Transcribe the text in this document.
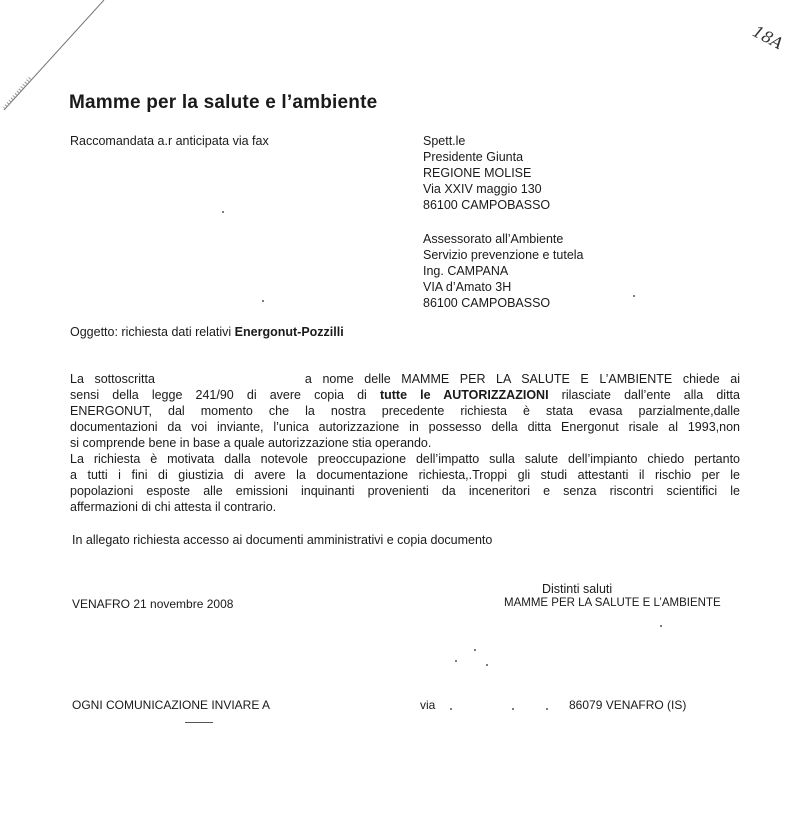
18A
Mamme per la salute e l’ambiente
Raccomandata a.r anticipata via fax	Spett.le
Presidente Giunta
REGIONE MOLISE
Via XXIV maggio 130
86100 CAMPOBASSO
Assessorato all’Ambiente
Servizio prevenzione e tutela
Ing. CAMPANA
VIA d’Amato 3H
86100 CAMPOBASSO
Oggetto: richiesta dati relativi Energonut-Pozzilli
La sottoscritta	a nome delle MAMME PER LA SALUTE E L’AMBIENTE chiede ai
sensi della legge 241/90 di avere copia di tutte le AUTORIZZAZIONI rilasciate dall’ente alla ditta
ENERGONUT, dal momento che la nostra precedente richiesta è stata evasa parzialmente,dalle
documentazioni da voi inviante, l’unica autorizzazione in possesso della ditta Energonut risale al 1993,non
si comprende bene in base a quale autorizzazione stia operando.
La richiesta è motivata dalla notevole preoccupazione dell’impatto sulla salute dell’impianto chiedo pertanto
a tutti i fini di giustizia di avere la documentazione richiesta,.Troppi gli studi attestanti il rischio per le
popolazioni esposte alle emissioni inquinanti provenienti da inceneritori e senza riscontri scientifici le
affermazioni di chi attesta il contrario.
In allegato richiesta accesso ai documenti amministrativi e copia documento
Distinti saluti
MAMME PER LA SALUTE E L’AMBIENTE
VENAFRO 21 novembre 2008
OGNI COMUNICAZIONE INVIARE A	via	86079 VENAFRO (IS)
